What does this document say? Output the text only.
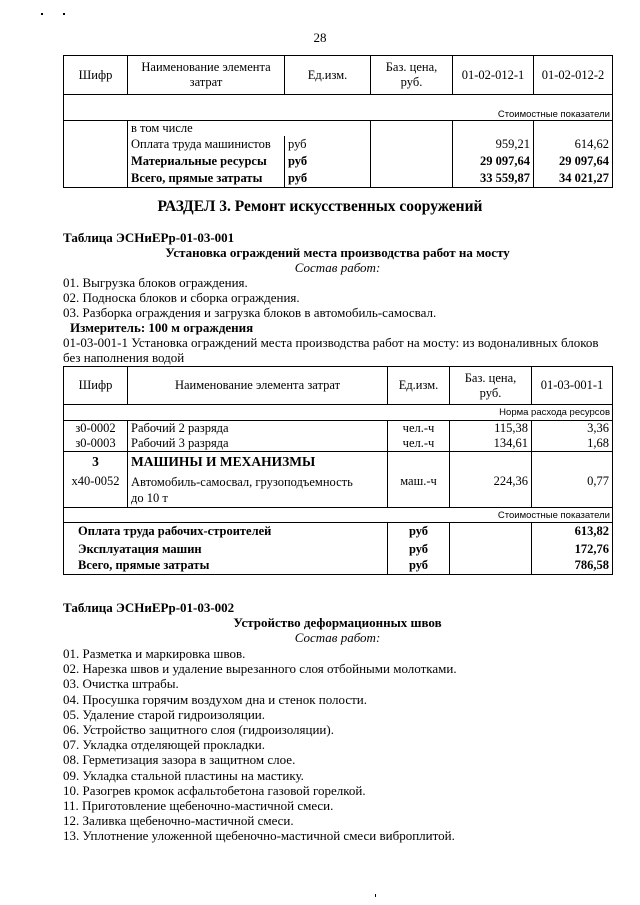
28
Шифр	Наименование элемента затрат	Ед.изм.	Баз. цена, руб.	01-02-012-1	01-02-012-2

Стоимостные показатели					
	в том числе				
	Оплата труда машинистов	руб		959,21	614,62
	Материальные ресурсы	руб		29 097,64	29 097,64
	Всего, прямые затраты	руб		33 559,87	34 021,27
РАЗДЕЛ 3. Ремонт искусственных сооружений
Таблица ЭСНиЕРр-01-03-001
Установка ограждений места производства работ на мосту
Состав работ:
01. Выгрузка блоков ограждения.
02. Подноска блоков и сборка ограждения.
03. Разборка ограждения и загрузка блоков в автомобиль-самосвал.
Измеритель: 100 м ограждения
01-03-001-1 Установка ограждений места производства работ на мосту: из водоналивных блоков
без наполнения водой
Шифр	Наименование элемента затрат	Ед.изм.	Баз. цена, руб.	01-03-001-1
Норма расхода ресурсов				
з0-0002	Рабочий 2 разряда	чел.-ч	115,38	3,36
з0-0003	Рабочий 3 разряда	чел.-ч	134,61	1,68
3	МАШИНЫ И МЕХАНИЗМЫ			
х40-0052	Автомобиль-самосвал, грузоподъемность
до 10 т	маш.-ч	224,36	0,77
Стоимостные показатели				
Оплата труда рабочих-строителей		руб		613,82
Эксплуатация машин		руб		172,76
Всего, прямые затраты		руб		786,58
Таблица ЭСНиЕРр-01-03-002
Устройство деформационных швов
Состав работ:
01. Разметка и маркировка швов.
02. Нарезка швов и удаление вырезанного слоя отбойными молотками.
03. Очистка штрабы.
04. Просушка горячим воздухом дна и стенок полости.
05. Удаление старой гидроизоляции.
06. Устройство защитного слоя (гидроизоляции).
07. Укладка отделяющей прокладки.
08. Герметизация зазора в защитном слое.
09. Укладка стальной пластины на мастику.
10. Разогрев кромок асфальтобетона газовой горелкой.
11. Приготовление щебеночно-мастичной смеси.
12. Заливка щебеночно-мастичной смеси.
13. Уплотнение уложенной щебеночно-мастичной смеси виброплитой.
